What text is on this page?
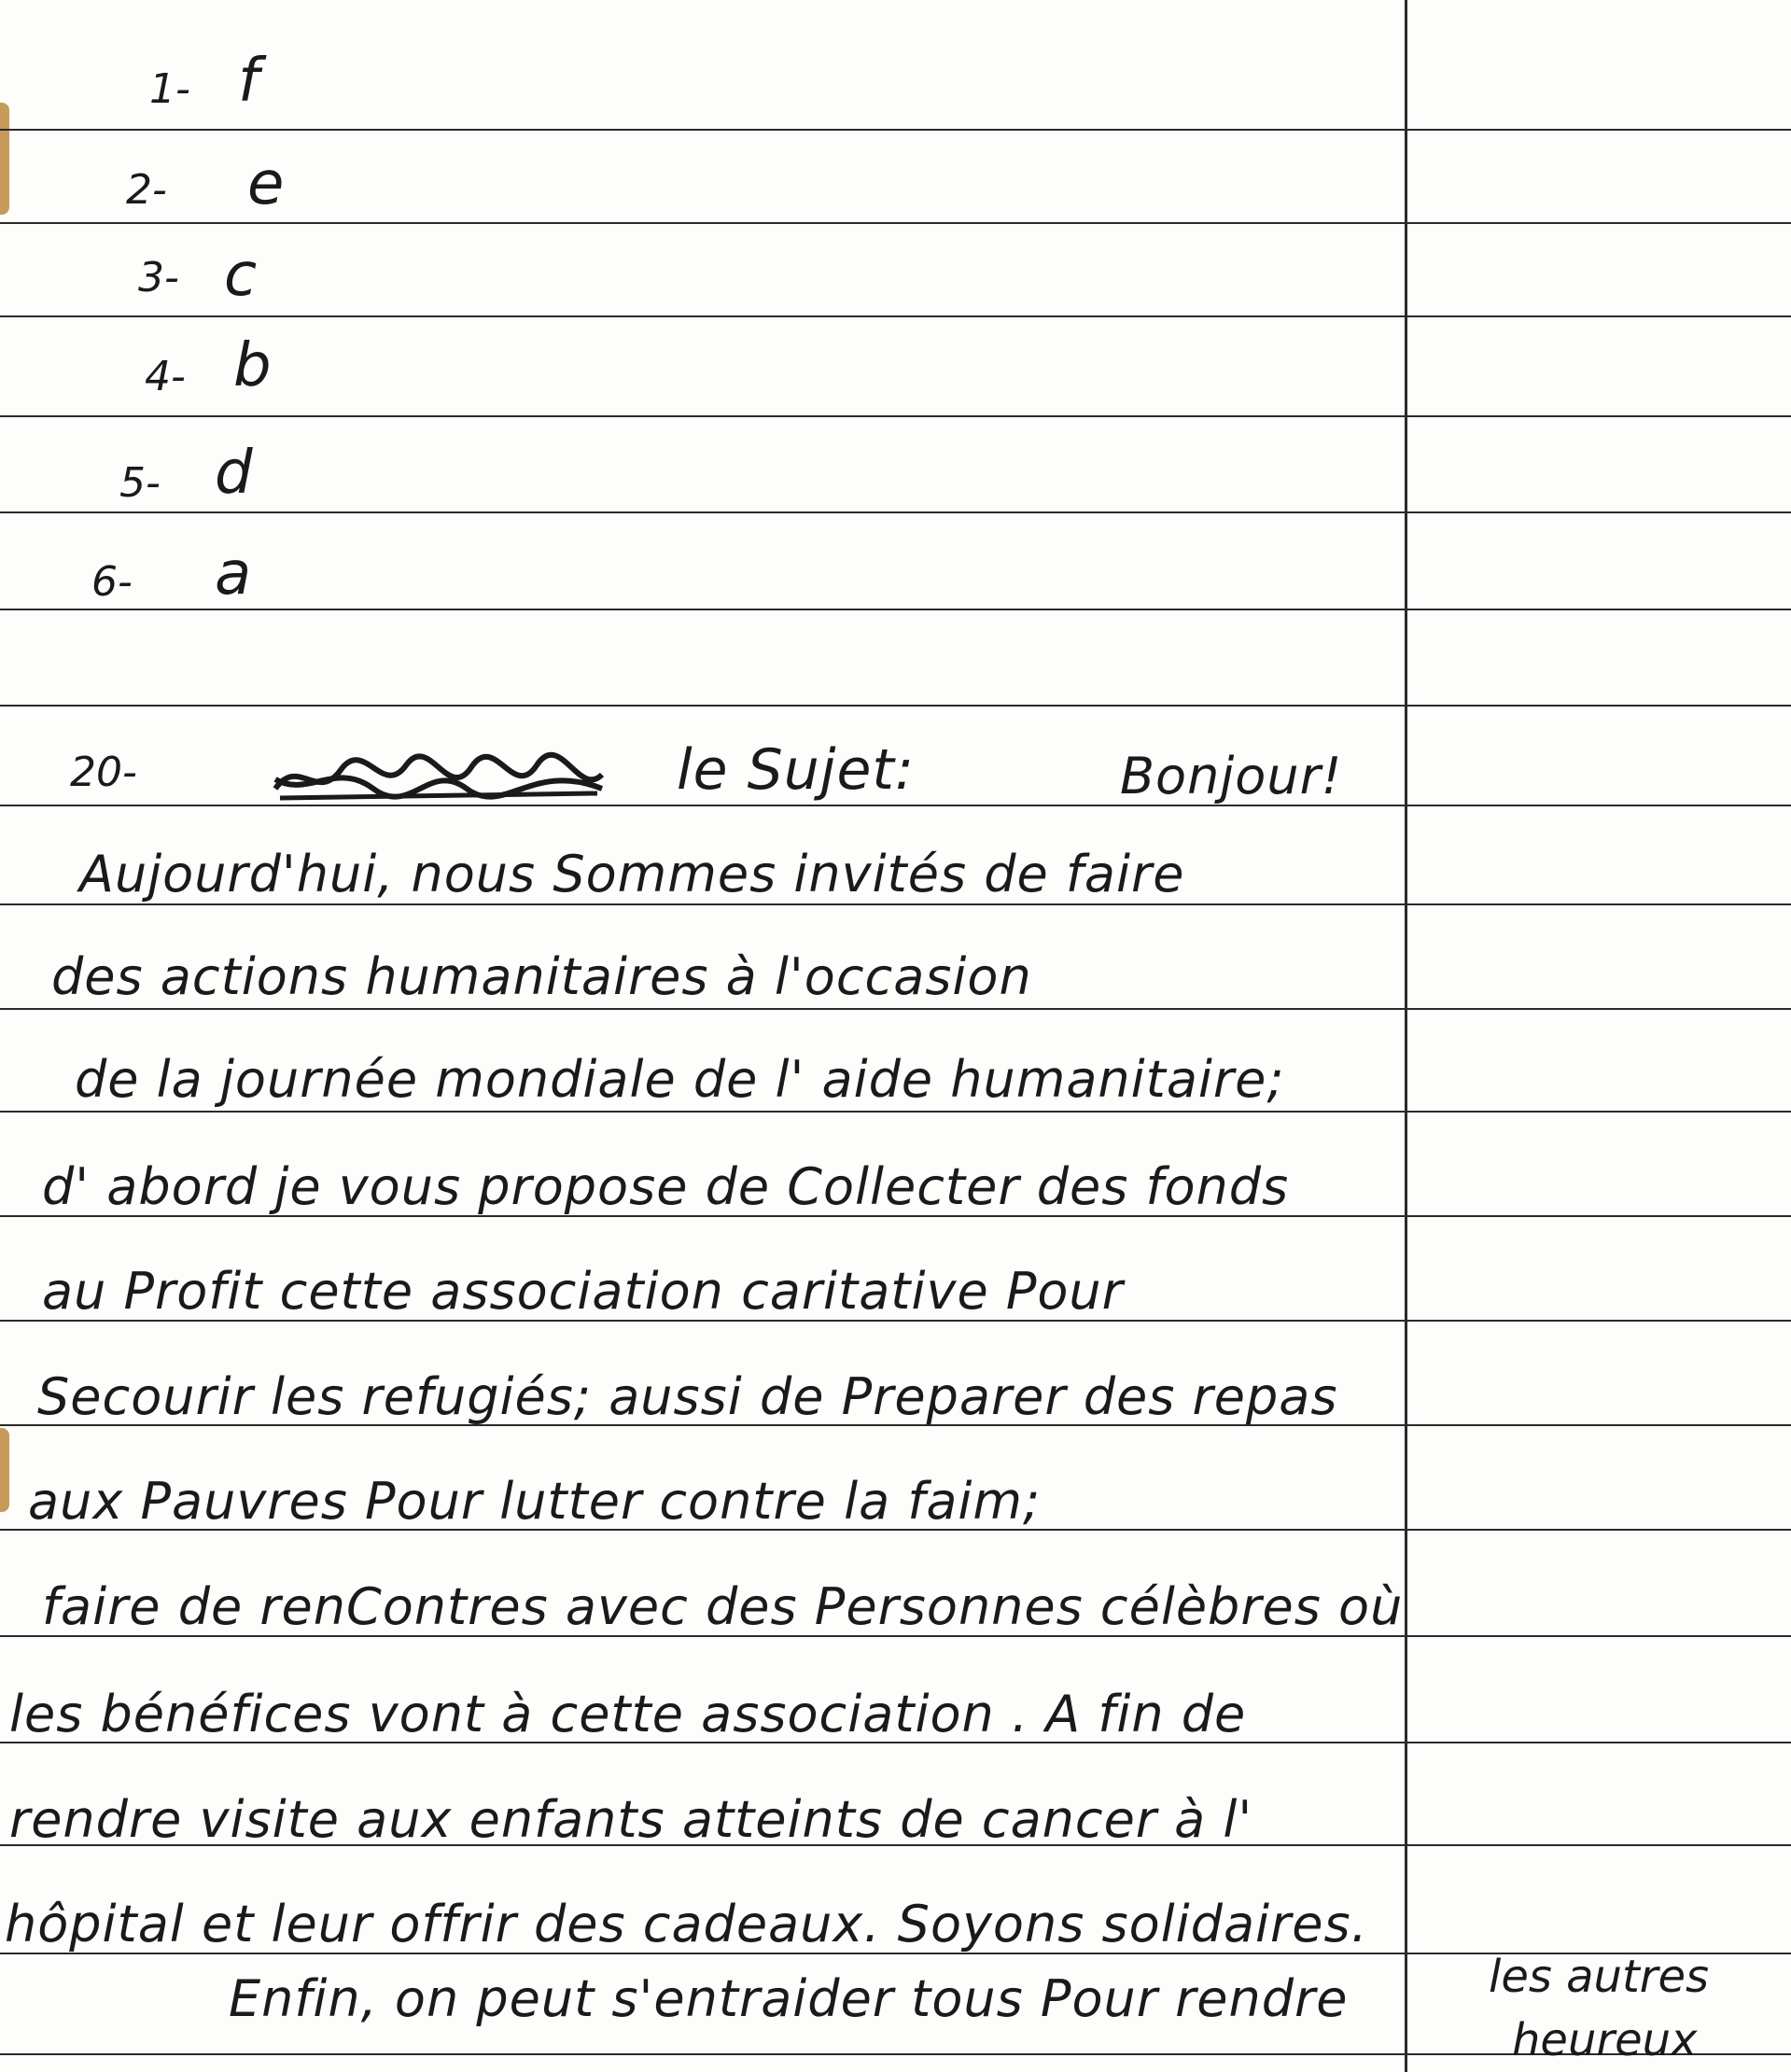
1- f
2- e
3- c
4- b
5- d
6- a
20-	le Sujet:	Bonjour!
Aujourd'hui, nous Sommes invités de faire
des actions humanitaires à l'occasion
de la journée mondiale de l' aide humanitaire;
d' abord je vous propose de Collecter des fonds
au Profit cette association caritative Pour
Secourir les refugiés; aussi de Preparer des repas
aux Pauvres Pour lutter contre la faim;
faire de renContres avec des Personnes célèbres où
les bénéfices vont à cette association . A fin de
rendre visite aux enfants atteints de cancer à l'
hôpital et leur offrir des cadeaux. Soyons solidaires.
Enfin, on peut s'entraider tous Pour rendre	les autres
heureux
